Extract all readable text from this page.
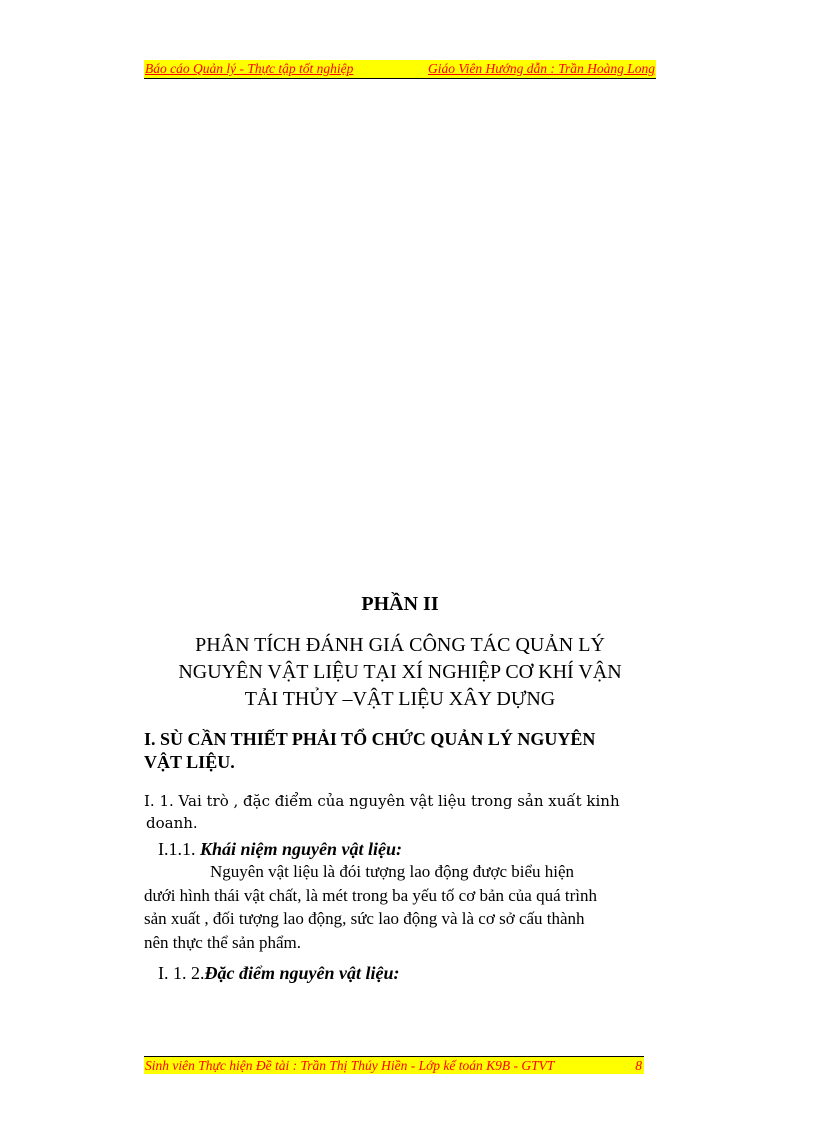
Báo cáo Quản lý - Thực tập tốt nghiệp	Giáo Viên Hướng dẫn : Trần Hoàng Long
PHẦN II
PHÂN TÍCH ĐÁNH GIÁ CÔNG TÁC QUẢN LÝ
NGUYÊN VẬT LIỆU TẠI XÍ NGHIỆP CƠ KHÍ VẬN
TẢI THỦY –VẬT LIỆU XÂY DỰNG
I. SÙ CẦN THIẾT PHẢI TỔ CHỨC QUẢN LÝ NGUYÊN
VẬT LIỆU.
I. 1. Vai trò , đặc điểm của nguyên vật liệu trong sản xuất kinh
doanh.
I.1.1. Khái niệm nguyên vật liệu:
Nguyên vật liệu là đói tượng lao động được biểu hiện
dưới hình thái vật chất, là mét trong ba yếu tố cơ bản của quá trình
sản xuất , đối tượng lao động, sức lao động và là cơ sở cấu thành
nên thực thể sản phẩm.
I. 1. 2.Đặc điểm nguyên vật liệu:
Sinh viên Thực hiện Đề tài : Trần Thị Thúy Hiền - Lớp kế toán K9B - GTVT	8
